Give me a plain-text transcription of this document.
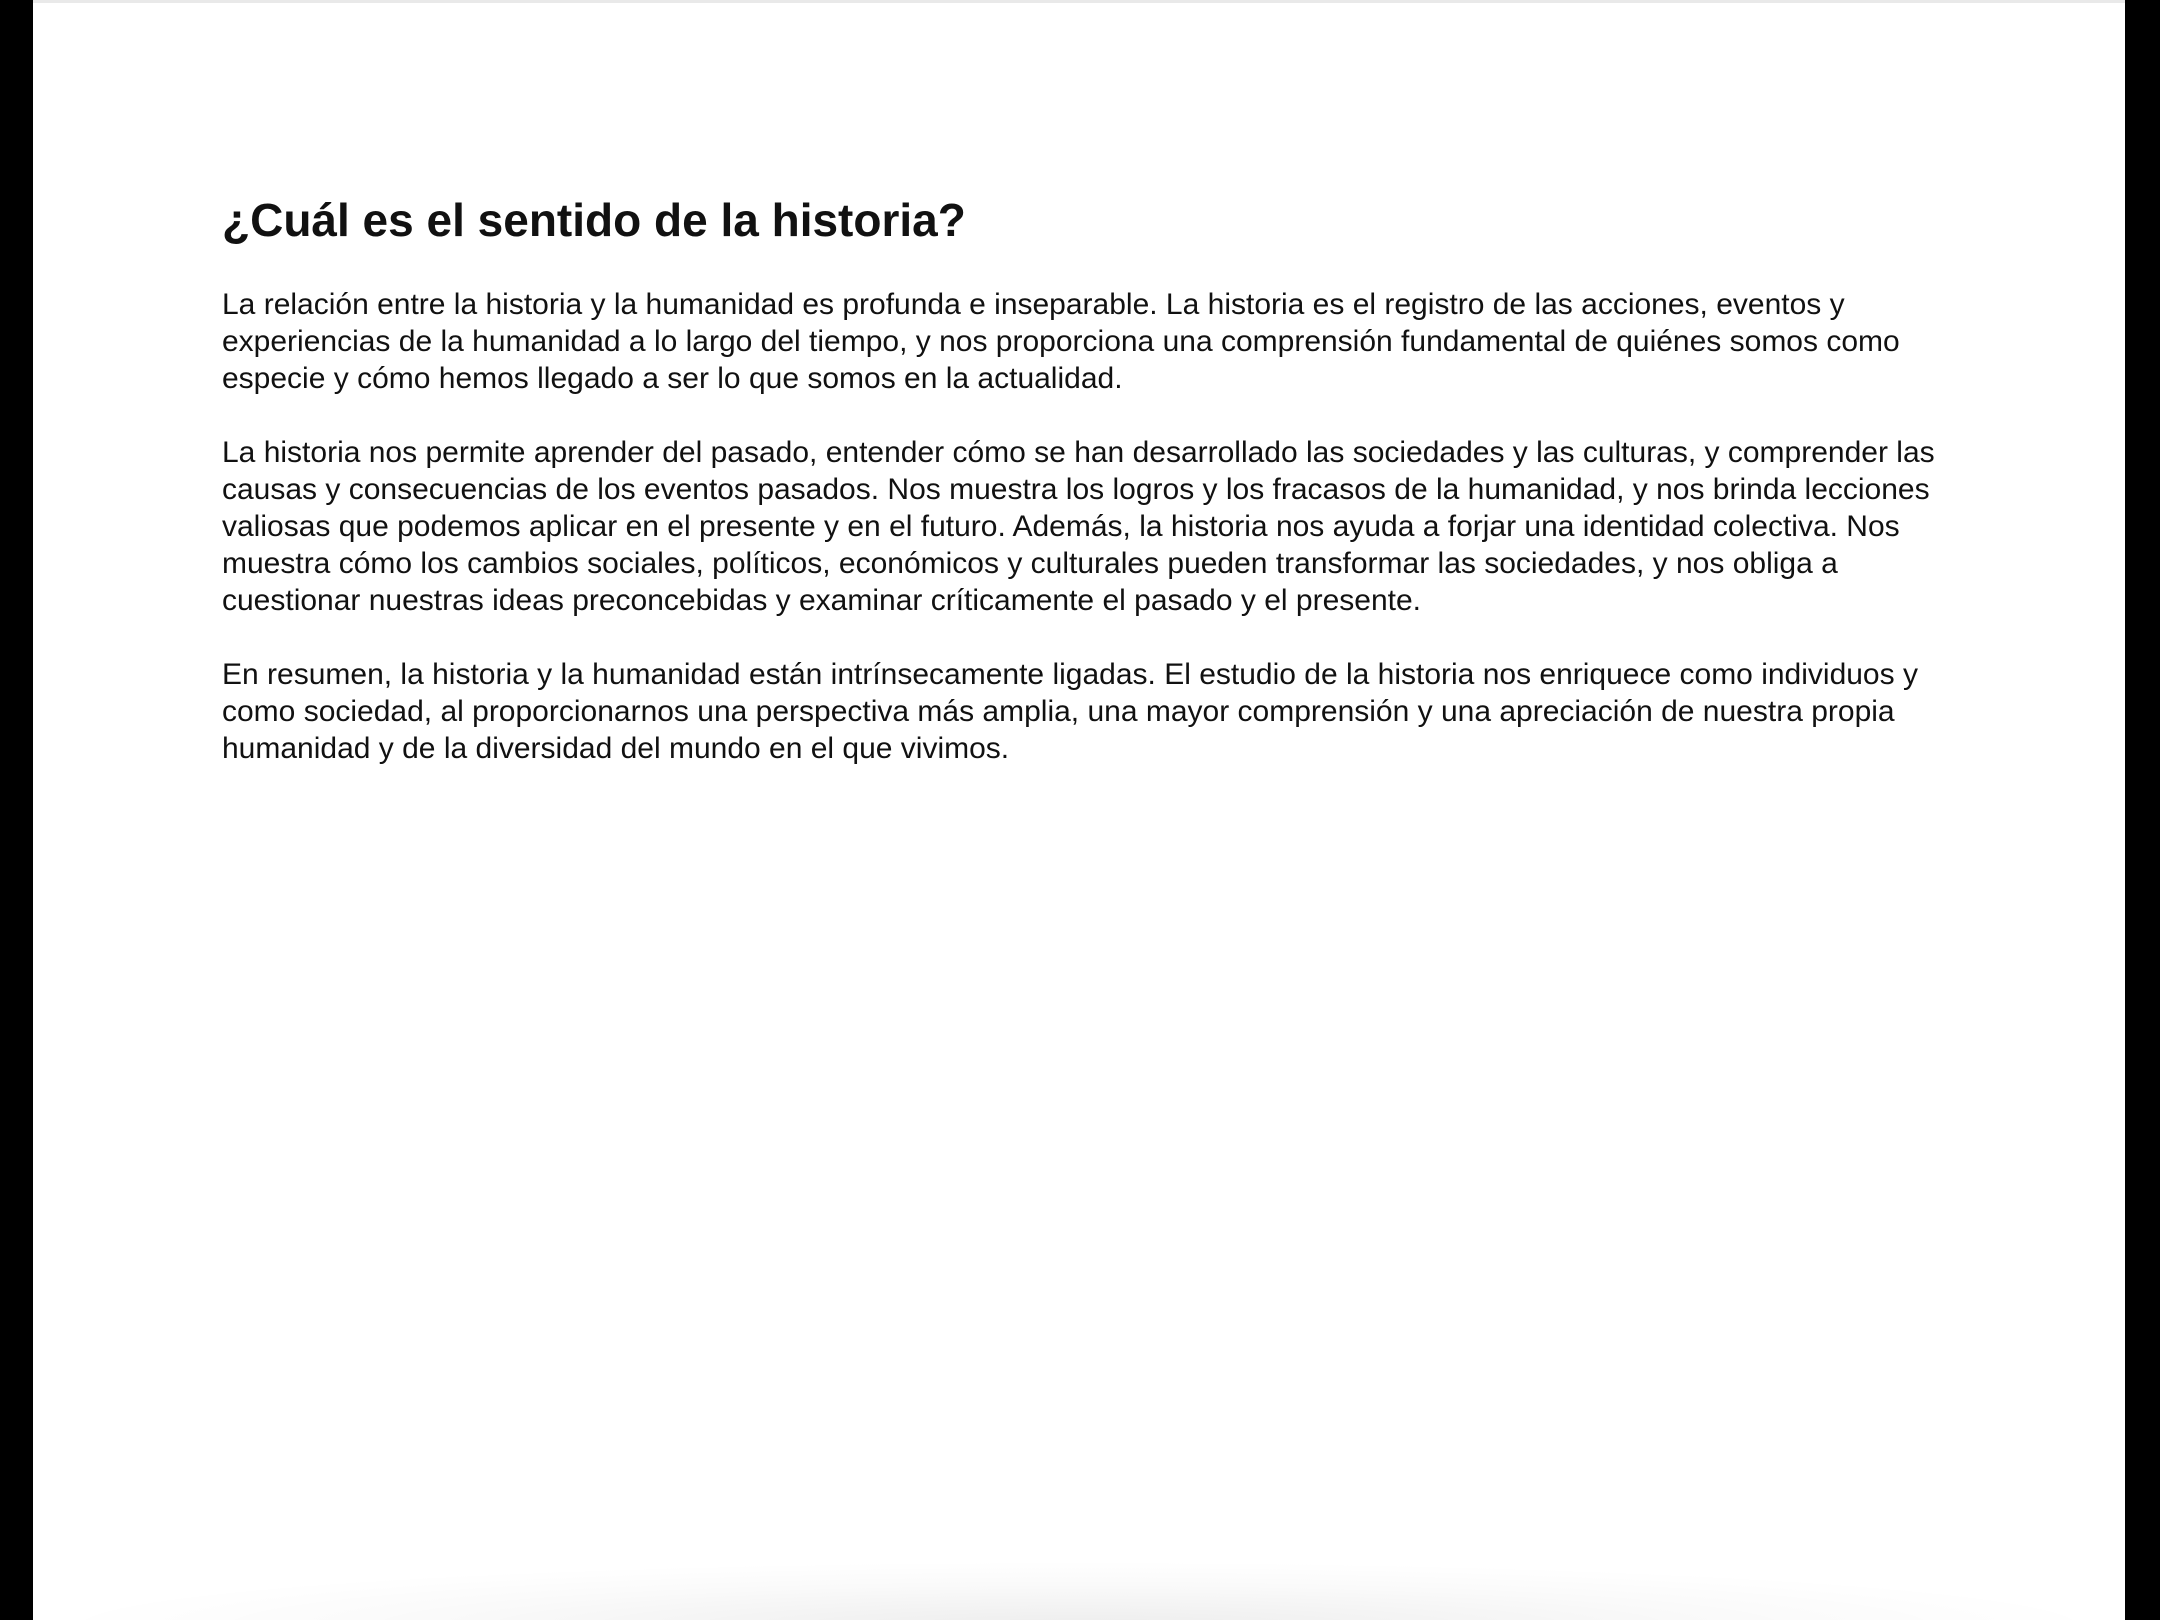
¿Cuál es el sentido de la historia?

La relación entre la historia y la humanidad es profunda e inseparable. La historia es el registro de las acciones, eventos y experiencias de la humanidad a lo largo del tiempo, y nos proporciona una comprensión fundamental de quiénes somos como especie y cómo hemos llegado a ser lo que somos en la actualidad.

La historia nos permite aprender del pasado, entender cómo se han desarrollado las sociedades y las culturas, y comprender las causas y consecuencias de los eventos pasados. Nos muestra los logros y los fracasos de la humanidad, y nos brinda lecciones valiosas que podemos aplicar en el presente y en el futuro. Además, la historia nos ayuda a forjar una identidad colectiva. Nos muestra cómo los cambios sociales, políticos, económicos y culturales pueden transformar las sociedades, y nos obliga a cuestionar nuestras ideas preconcebidas y examinar críticamente el pasado y el presente.

En resumen, la historia y la humanidad están intrínsecamente ligadas. El estudio de la historia nos enriquece como individuos y como sociedad, al proporcionarnos una perspectiva más amplia, una mayor comprensión y una apreciación de nuestra propia humanidad y de la diversidad del mundo en el que vivimos.
